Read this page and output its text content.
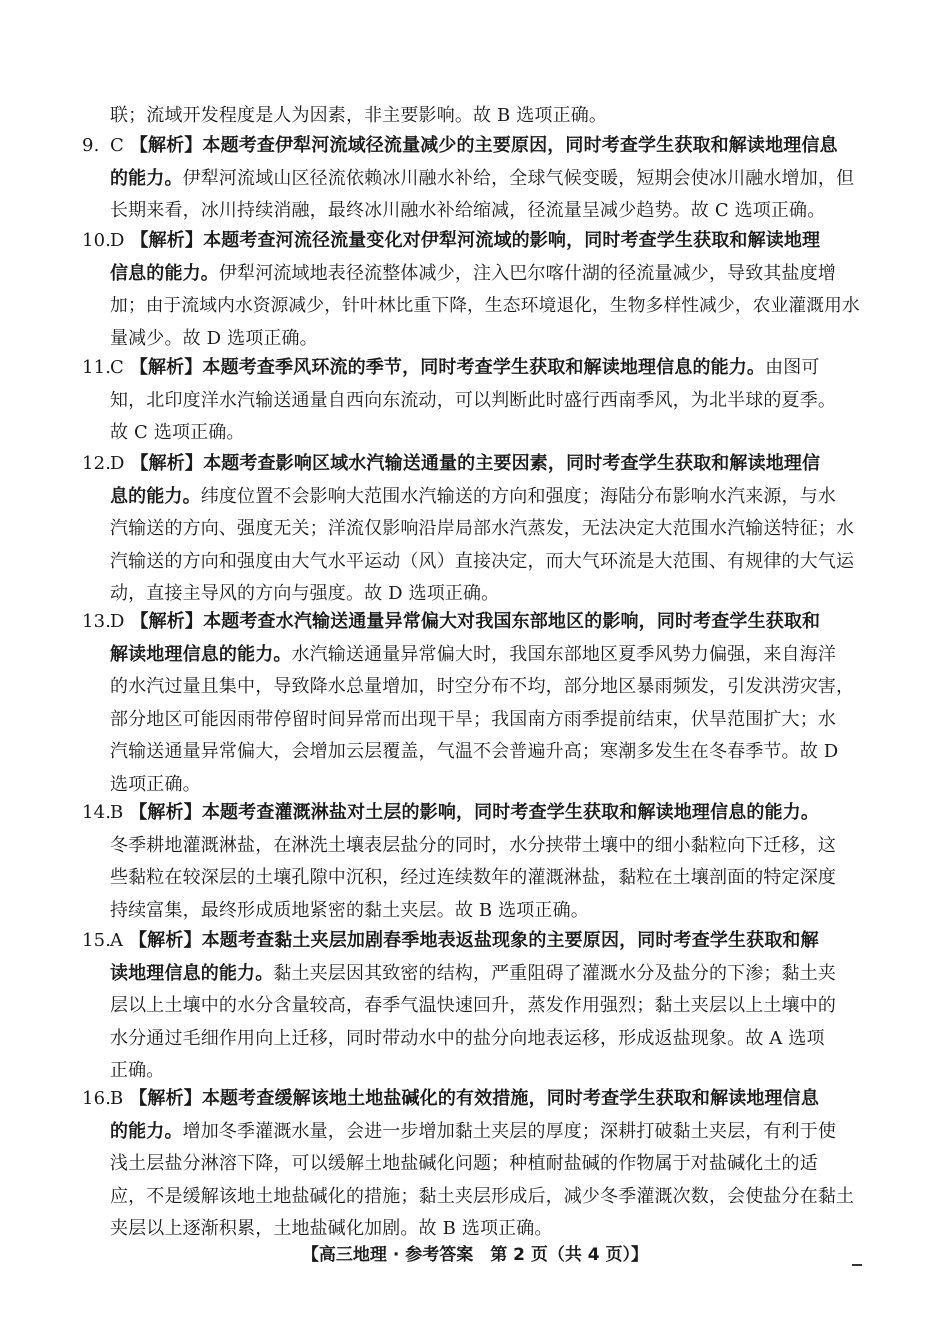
联；流域开发程度是人为因素，非主要影响。故 B 选项正确。
9. C 【解析】本题考查伊犁河流域径流量减少的主要原因，同时考查学生获取和解读地理信息
的能力。伊犁河流域山区径流依赖冰川融水补给，全球气候变暖，短期会使冰川融水增加，但
长期来看，冰川持续消融，最终冰川融水补给缩减，径流量呈减少趋势。故 C 选项正确。
10.D 【解析】本题考查河流径流量变化对伊犁河流域的影响，同时考查学生获取和解读地理
信息的能力。伊犁河流域地表径流整体减少，注入巴尔喀什湖的径流量减少，导致其盐度增
加；由于流域内水资源减少，针叶林比重下降，生态环境退化，生物多样性减少，农业灌溉用水
量减少。故 D 选项正确。
11.C 【解析】本题考查季风环流的季节，同时考查学生获取和解读地理信息的能力。由图可
知，北印度洋水汽输送通量自西向东流动，可以判断此时盛行西南季风，为北半球的夏季。
故 C 选项正确。
12.D 【解析】本题考查影响区域水汽输送通量的主要因素，同时考查学生获取和解读地理信
息的能力。纬度位置不会影响大范围水汽输送的方向和强度；海陆分布影响水汽来源，与水
汽输送的方向、强度无关；洋流仅影响沿岸局部水汽蒸发，无法决定大范围水汽输送特征；水
汽输送的方向和强度由大气水平运动（风）直接决定，而大气环流是大范围、有规律的大气运
动，直接主导风的方向与强度。故 D 选项正确。
13.D 【解析】本题考查水汽输送通量异常偏大对我国东部地区的影响，同时考查学生获取和
解读地理信息的能力。水汽输送通量异常偏大时，我国东部地区夏季风势力偏强，来自海洋
的水汽过量且集中，导致降水总量增加，时空分布不均，部分地区暴雨频发，引发洪涝灾害，
部分地区可能因雨带停留时间异常而出现干旱；我国南方雨季提前结束，伏旱范围扩大；水
汽输送通量异常偏大，会增加云层覆盖，气温不会普遍升高；寒潮多发生在冬春季节。故 D
选项正确。
14.B 【解析】本题考查灌溉淋盐对土层的影响，同时考查学生获取和解读地理信息的能力。
冬季耕地灌溉淋盐，在淋洗土壤表层盐分的同时，水分挟带土壤中的细小黏粒向下迁移，这
些黏粒在较深层的土壤孔隙中沉积，经过连续数年的灌溉淋盐，黏粒在土壤剖面的特定深度
持续富集，最终形成质地紧密的黏土夹层。故 B 选项正确。
15.A 【解析】本题考查黏土夹层加剧春季地表返盐现象的主要原因，同时考查学生获取和解
读地理信息的能力。黏土夹层因其致密的结构，严重阻碍了灌溉水分及盐分的下渗；黏土夹
层以上土壤中的水分含量较高，春季气温快速回升，蒸发作用强烈；黏土夹层以上土壤中的
水分通过毛细作用向上迁移，同时带动水中的盐分向地表运移，形成返盐现象。故 A 选项
正确。
16.B 【解析】本题考查缓解该地土地盐碱化的有效措施，同时考查学生获取和解读地理信息
的能力。增加冬季灌溉水量，会进一步增加黏土夹层的厚度；深耕打破黏土夹层，有利于使
浅土层盐分淋溶下降，可以缓解土地盐碱化问题；种植耐盐碱的作物属于对盐碱化土的适
应，不是缓解该地土地盐碱化的措施；黏土夹层形成后，减少冬季灌溉次数，会使盐分在黏土
夹层以上逐渐积累，土地盐碱化加剧。故 B 选项正确。
【高三地理 · 参考答案　第 2 页（共 4 页）】
